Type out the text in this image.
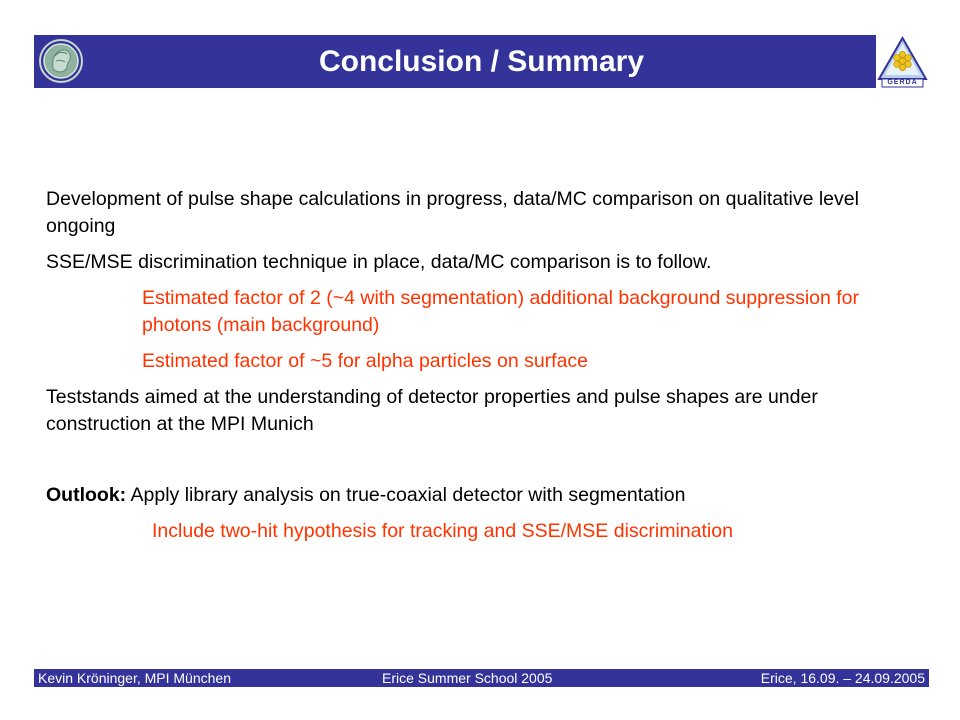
Conclusion / Summary
GERDA

Development of pulse shape calculations in progress, data/MC comparison on qualitative level ongoing

SSE/MSE discrimination technique in place, data/MC comparison is to follow.

Estimated factor of 2 (~4 with segmentation) additional background suppression for photons (main background)

Estimated factor of ~5 for alpha particles on surface

Teststands aimed at the understanding of detector properties and pulse shapes are under construction at the MPI Munich

Outlook: Apply library analysis on true-coaxial detector with segmentation

Include two-hit hypothesis for tracking and SSE/MSE discrimination

Kevin Kröninger, MPI München	Erice Summer School 2005	Erice, 16.09. – 24.09.2005
